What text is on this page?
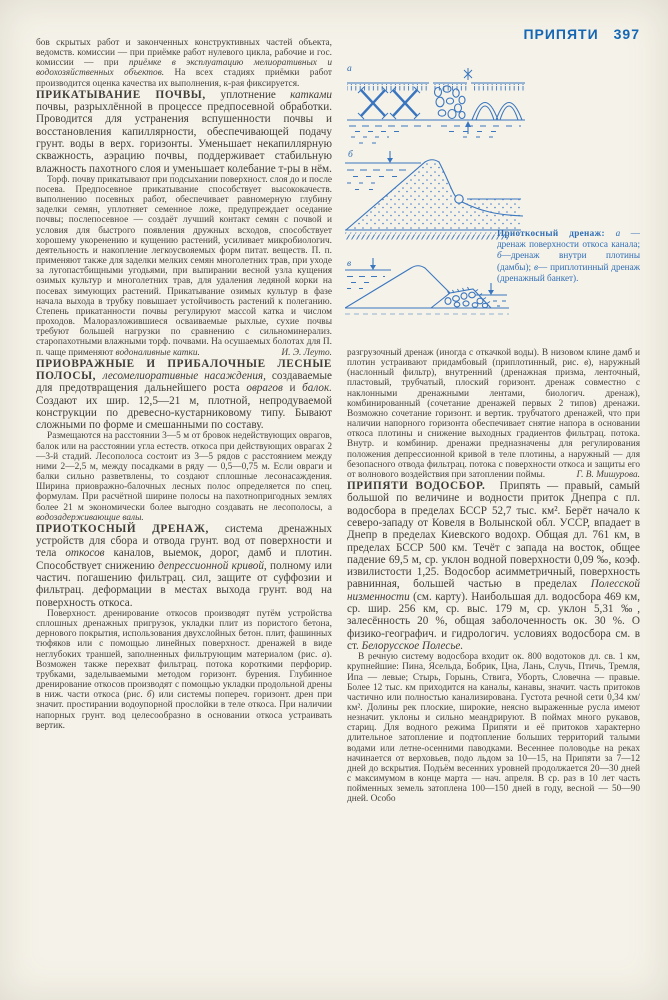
ПРИПЯТИ 397

бов скрытых работ и законченных конструктивных частей объекта, ведомств. комиссии — при приёмке работ нулевого цикла, рабочие и гос. комиссии — при приёмке в эксплуатацию мелиоративных и водохозяйственных объектов. На всех стадиях приёмки работ производится оценка качества их выполнения, к-рая фиксируется.

ПРИКАТЫВАНИЕ ПОЧВЫ, уплотнение катками почвы, разрыхлённой в процессе предпосевной обработки. Проводится для устранения вспушенности почвы и восстановления капиллярности, обеспечивающей подачу грунт. воды в верх. горизонты. Уменьшает некапиллярную скважность, аэрацию почвы, поддерживает стабильную влажность пахотного слоя и уменьшает колебание т-ры в нём.

Торф. почву прикатывают при подсыхании поверхност. слоя до и после посева. Предпосевное прикатывание способствует высококачеств. выполнению посевных работ, обеспечивает равномерную глубину заделки семян, уплотняет семенное ложе, предупреждает оседание почвы; послепосевное — создаёт лучший контакт семян с почвой и условия для быстрого появления дружных всходов, способствует хорошему укоренению и кущению растений, усиливает микробиологич. деятельность и накопление легкоусвояемых форм питат. веществ. П. п. применяют также для заделки мелких семян многолетних трав, при уходе за лугопастбищными угодьями, при выпирании весной узла кущения озимых культур и многолетних трав, для удаления ледяной корки на посевах зимующих растений. Прикатывание озимых культур в фазе начала выхода в трубку повышает устойчивость растений к полеганию. Степень прикатанности почвы регулируют массой катка и числом проходов. Малоразложившиеся осваиваемые рыхлые, сухие почвы требуют большей нагрузки по сравнению с сильноминерализ. старопахотными влажными торф. почвами. На осушаемых болотах для П. п. чаще применяют водоналивные катки.	И. Э. Леуто.

ПРИОВРАЖНЫЕ И ПРИБАЛОЧНЫЕ ЛЕСНЫЕ ПОЛОСЫ, лесомелиоративные насаждения, создаваемые для предотвращения дальнейшего роста оврагов и балок. Создают их шир. 12,5—21 м, плотной, непродуваемой конструкции по древесно-кустарниковому типу. Бывают сложными по форме и смешанными по составу.

Размещаются на расстоянии 3—5 м от бровок недействующих оврагов, балок или на расстоянии угла естеств. откоса при действующих оврагах 2—3-й стадий. Лесополоса состоит из 3—5 рядов с расстоянием между ними 2—2,5 м, между посадками в ряду — 0,5—0,75 м. Если овраги и балки сильно разветвлены, то создают сплошные лесонасаждения. Ширина приовражно-балочных лесных полос определяется по спец. формулам. При расчётной ширине полосы на пахотнопригодных землях более 21 м экономически более выгодно создавать не лесополосы, а водозадерживающие валы.

ПРИОТКОСНЫЙ ДРЕНАЖ, система дренажных устройств для сбора и отвода грунт. вод от поверхности и тела откосов каналов, выемок, дорог, дамб и плотин. Способствует снижению депрессионной кривой, полному или частич. погашению фильтрац. сил, защите от суффозии и фильтрац. деформации в местах выхода грунт. вод на поверхность откоса.

Поверхност. дренирование откосов производят путём устройства сплошных дренажных пригрузок, укладки плит из пористого бетона, дернового покрытия, использования двухслойных бетон. плит, фашинных тюфяков или с помощью линейных поверхност. дренажей в виде неглубоких траншей, заполненных фильтрующим материалом (рис. а). Возможен также перехват фильтрац. потока короткими перфорир. трубками, заделываемыми методом горизонт. бурения. Глубинное дренирование откосов производят с помощью укладки продольной дрены в ниж. части откоса (рис. б) или системы попереч. горизонт. дрен при значит. простирании водоупорной прослойки в теле откоса. При наличии напорных грунт. вод целесообразно в основании откоса устраивать вертик.

а
б
в
Приоткосный дренаж: а — дренаж поверхности откоса канала; б—дренаж внутри плотины (дамбы); в— приплотинный дренаж (дренажный банкет).

разгрузочный дренаж (иногда с откачкой воды). В низовом клине дамб и плотин устраивают придамбовый (приплотинный, рис. в), наружный (наслонный фильтр), внутренний (дренажная призма, ленточный, пластовый, трубчатый, плоский горизонт. дренаж совместно с наклонными дренажными лентами, биологич. дренаж), комбинированный (сочетание дренажей первых 2 типов) дренажи. Возможно сочетание горизонт. и вертик. трубчатого дренажей, что при наличии напорного горизонта обеспечивает снятие напора в основании откоса плотины и снижение выходных градиентов фильтрац. потока. Внутр. и комбинир. дренажи предназначены для регулирования положения депрессионной кривой в теле плотины, а наружный — для безопасного отвода фильтрац. потока с поверхности откоса и защиты его от волнового воздействия при затоплении поймы.	Г. В. Мишурова.

ПРИПЯТИ ВОДОСБОР.  Припять — правый, самый большой по величине и водности приток Днепра с пл. водосбора в пределах БССР 52,7 тыс. км². Берёт начало к северо-западу от Ковеля в Волынской обл. УССР, впадает в Днепр в пределах Киевского водохр. Общая дл. 761 км, в пределах БССР 500 км. Течёт с запада на восток, общее падение 69,5 м, ср. уклон водной поверхности 0,09 ‰, коэф. извилистости 1,25. Водосбор асимметричный, поверхность равнинная, большей частью в пределах Полесской низменности (см. карту). Наибольшая дл. водосбора 469 км, ср. шир. 256 км, ср. выс. 179 м, ср. уклон 5,31 ‰, залесённость 20 %, общая заболоченность ок. 30 %. О физико-географич. и гидрологич. условиях водосбора см. в ст. Белорусское Полесье.

В речную систему водосбора входит ок. 800 водотоков дл. св. 1 км, крупнейшие: Пина, Ясельда, Бобрик, Цна, Лань, Случь, Птичь, Тремля, Ипа — левые; Стырь, Горынь, Ствига, Уборть, Словечна — правые. Более 12 тыс. км приходится на каналы, канавы, значит. часть притоков частично или полностью канализирована. Густота речной сети 0,34 км/км². Долины рек плоские, широкие, неясно выраженные русла имеют незначит. уклоны и сильно меандрируют. В поймах много рукавов, стариц. Для водного режима Припяти и её притоков характерно длительное затопление и подтопление больших территорий талыми водами или летне-осенними паводками. Весеннее половодье на реках начинается от верховьев, подо льдом за 10—15, на Припяти за 7—12 дней до вскрытия. Подъём весенних уровней продолжается 20—30 дней с максимумом в конце марта — нач. апреля. В ср. раз в 10 лет часть пойменных земель затоплена 100—150 дней в году, весной — 50—90 дней. Особо
